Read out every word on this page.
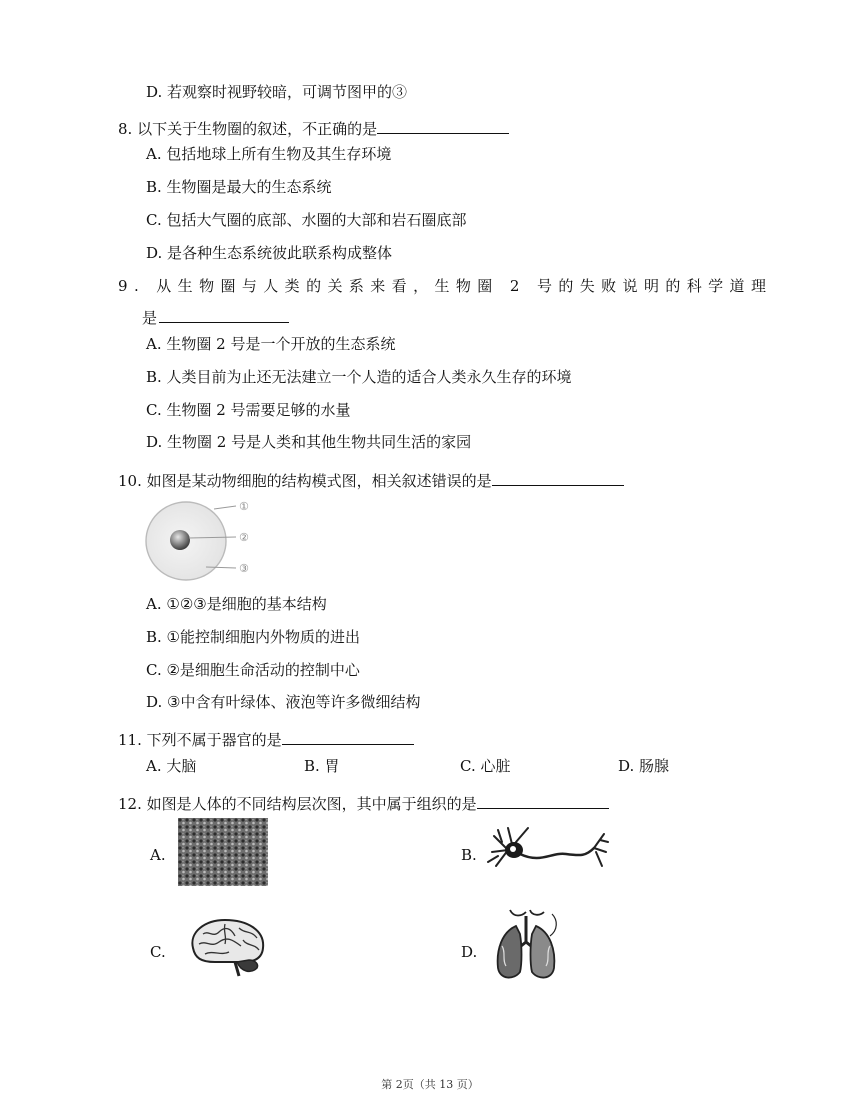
D. 若观察时视野较暗，可调节图甲的③
8. 以下关于生物圈的叙述，不正确的是
A. 包括地球上所有生物及其生存环境
B. 生物圈是最大的生态系统
C. 包括大气圈的底部、水圈的大部和岩石圈底部
D. 是各种生态系统彼此联系构成整体
9. 从生物圈与人类的关系来看，生物圈 2 号的失败说明的科学道理
是
A. 生物圈 2 号是一个开放的生态系统
B. 人类目前为止还无法建立一个人造的适合人类永久生存的环境
C. 生物圈 2 号需要足够的水量
D. 生物圈 2 号是人类和其他生物共同生活的家园
10. 如图是某动物细胞的结构模式图，相关叙述错误的是
①
②
③
A. ①②③是细胞的基本结构
B. ①能控制细胞内外物质的进出
C. ②是细胞生命活动的控制中心
D. ③中含有叶绿体、液泡等许多微细结构
11. 下列不属于器官的是
A. 大脑	B. 胃	C. 心脏	D. 肠腺
12. 如图是人体的不同结构层次图，其中属于组织的是
A.	B.
C.	D.
第 2页（共 13 页）
